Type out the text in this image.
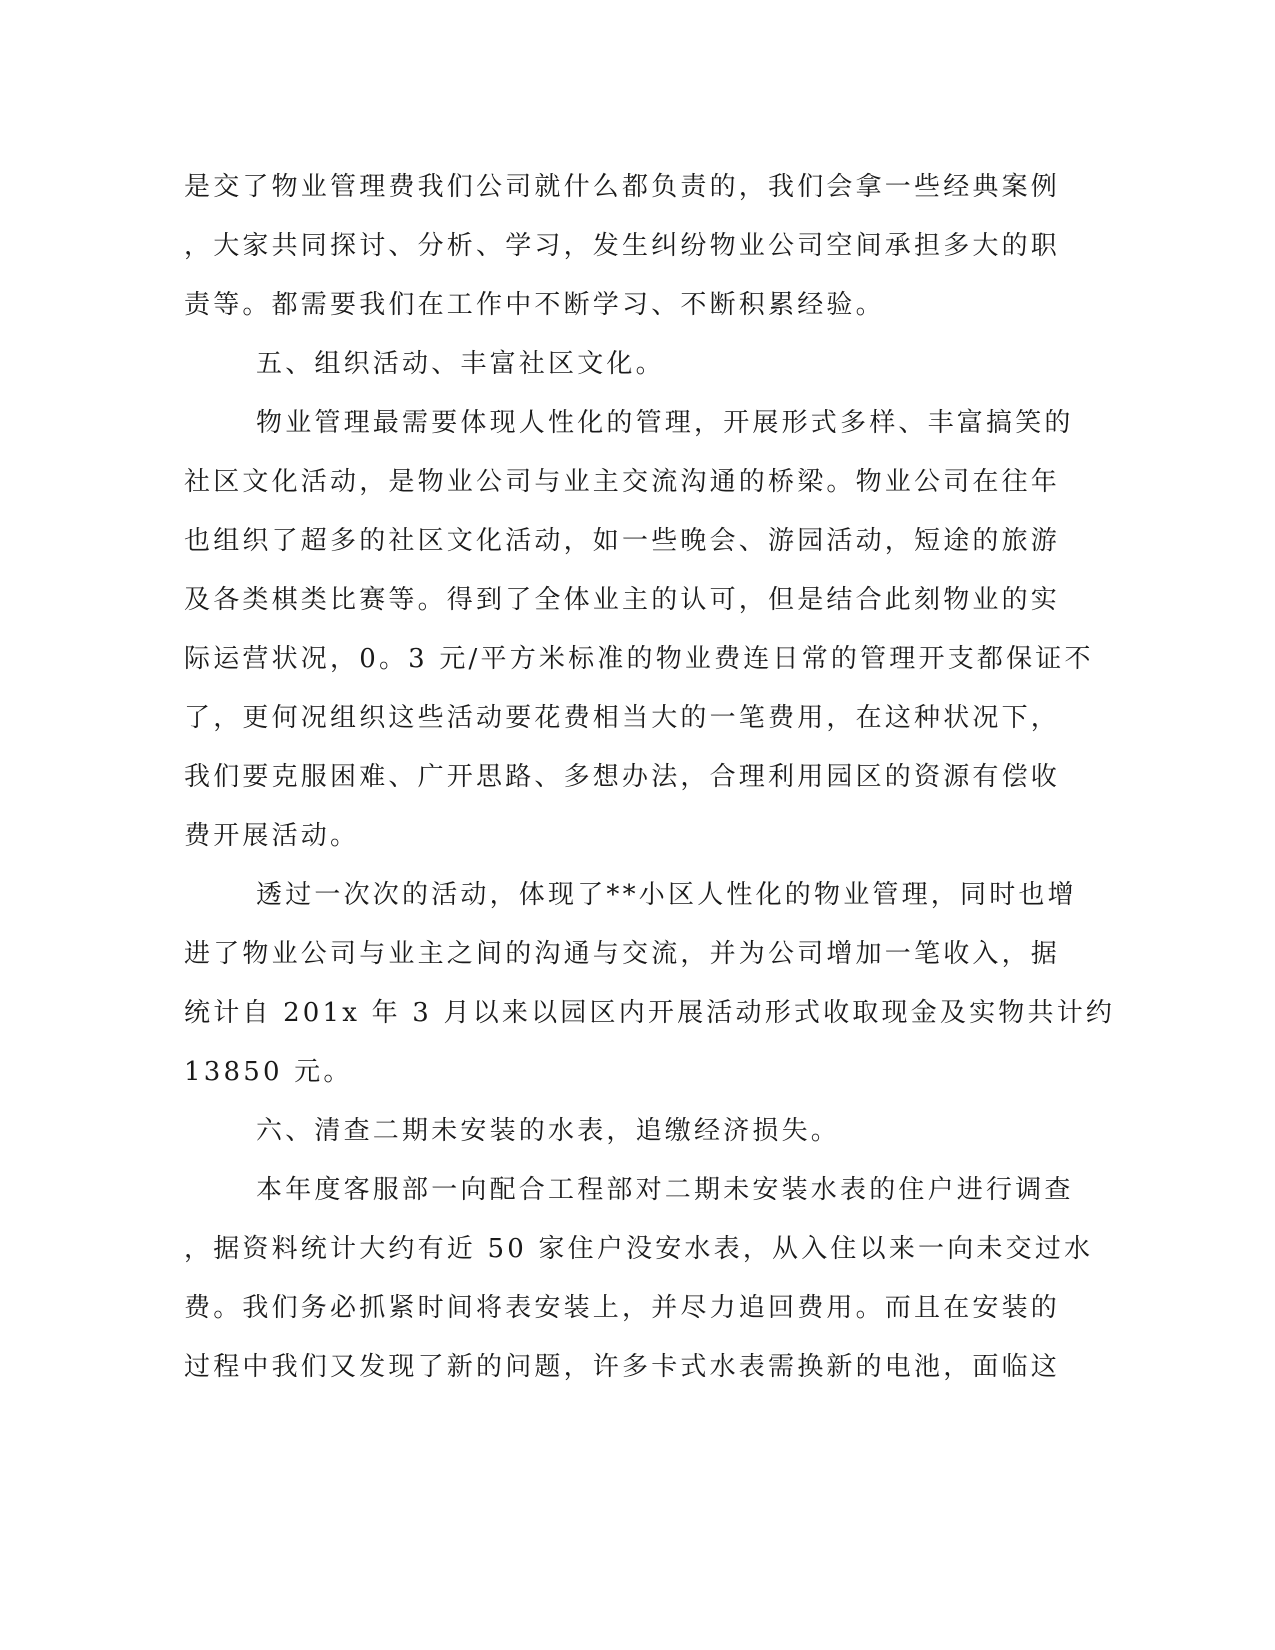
是交了物业管理费我们公司就什么都负责的，我们会拿一些经典案例
，大家共同探讨、分析、学习，发生纠纷物业公司空间承担多大的职
责等。都需要我们在工作中不断学习、不断积累经验。
五、组织活动、丰富社区文化。
物业管理最需要体现人性化的管理，开展形式多样、丰富搞笑的
社区文化活动，是物业公司与业主交流沟通的桥梁。物业公司在往年
也组织了超多的社区文化活动，如一些晚会、游园活动，短途的旅游
及各类棋类比赛等。得到了全体业主的认可，但是结合此刻物业的实
际运营状况，0。3 元/平方米标准的物业费连日常的管理开支都保证不
了，更何况组织这些活动要花费相当大的一笔费用，在这种状况下，
我们要克服困难、广开思路、多想办法，合理利用园区的资源有偿收
费开展活动。
透过一次次的活动，体现了**小区人性化的物业管理，同时也增
进了物业公司与业主之间的沟通与交流，并为公司增加一笔收入，据
统计自 201x 年 3 月以来以园区内开展活动形式收取现金及实物共计约
13850 元。
六、清查二期未安装的水表，追缴经济损失。
本年度客服部一向配合工程部对二期未安装水表的住户进行调查
，据资料统计大约有近 50 家住户没安水表，从入住以来一向未交过水
费。我们务必抓紧时间将表安装上，并尽力追回费用。而且在安装的
过程中我们又发现了新的问题，许多卡式水表需换新的电池，面临这
